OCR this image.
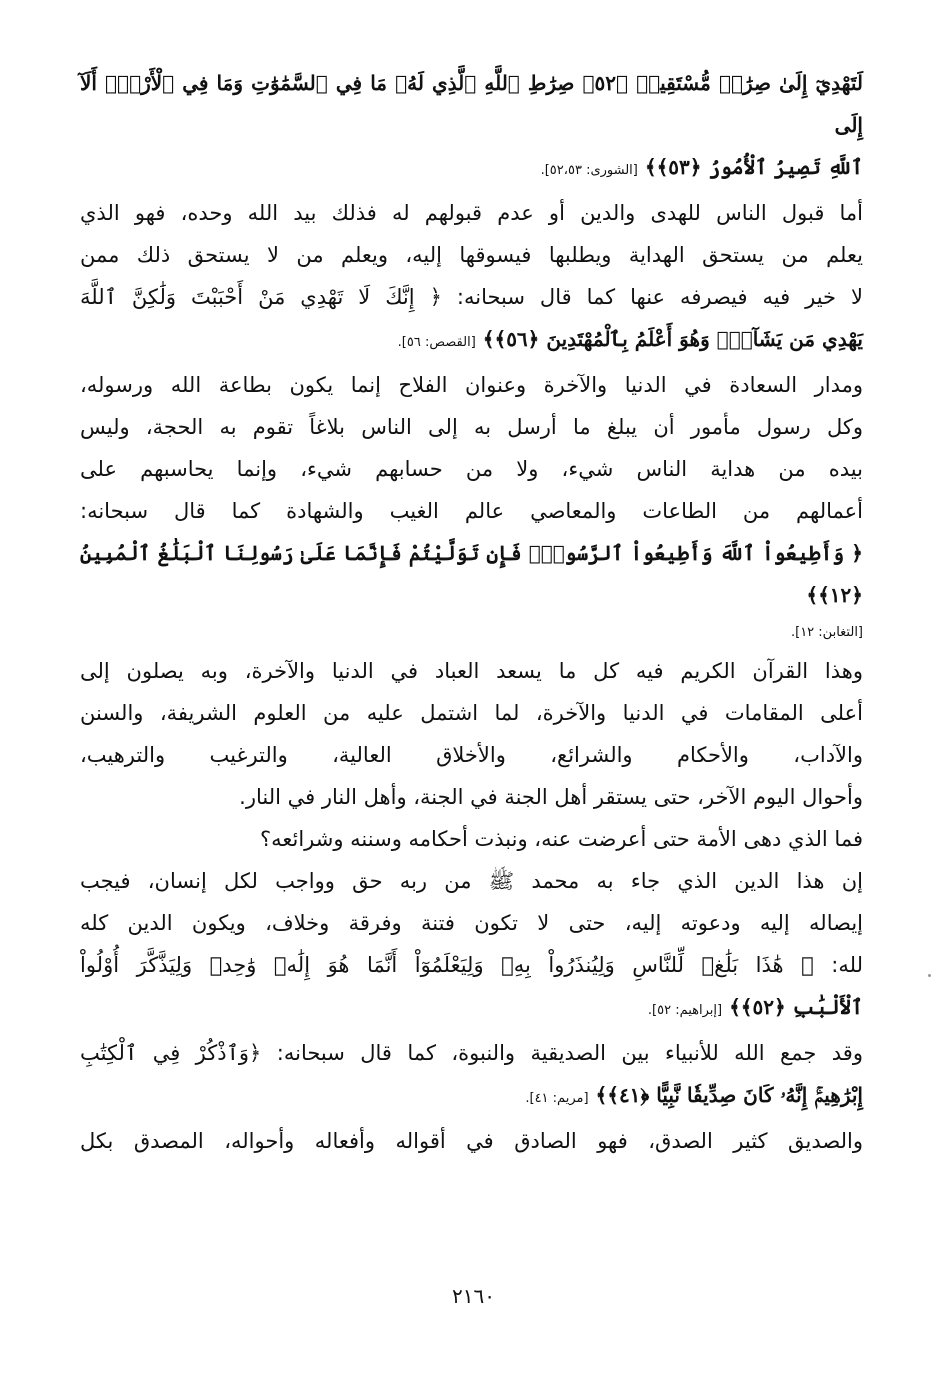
لَتَهْدِيٓ إِلَىٰ صِرَٰطٖ مُّسْتَقِيمٖ ﴿٥٢﴾ صِرَٰطِ ٱللَّهِ ٱلَّذِي لَهُۥ مَا فِي ٱلسَّمَٰوَٰتِ وَمَا فِي ٱلْأَرْضِۗ أَلَآ إِلَى

ٱللَّهِ تَصِيرُ ٱلْأُمُورُ ﴿٥٣﴾﴾ [الشورى: ٥٢،٥٣].

أما قبول الناس للهدى والدين أو عدم قبولهم له فذلك بيد الله وحده، فهو الذي

يعلم من يستحق الهداية ويطلبها فيسوقها إليه، ويعلم من لا يستحق ذلك ممن

لا خير فيه فيصرفه عنها كما قال سبحانه: ﴿ إِنَّكَ لَا تَهْدِي مَنْ أَحْبَبْتَ وَلَٰكِنَّ ٱللَّهَ

يَهْدِي مَن يَشَآءُۚ وَهُوَ أَعْلَمُ بِٱلْمُهْتَدِينَ ﴿٥٦﴾﴾ [القصص: ٥٦].

ومدار السعادة في الدنيا والآخرة وعنوان الفلاح إنما يكون بطاعة الله ورسوله،

وكل رسول مأمور أن يبلغ ما أرسل به إلى الناس بلاغاً تقوم به الحجة، وليس

بيده من هداية الناس شيء، ولا من حسابهم شيء، وإنما يحاسبهم على

أعمالهم من الطاعات والمعاصي عالم الغيب والشهادة كما قال سبحانه:

﴿ وَأَطِيعُواْ ٱللَّهَ وَأَطِيعُواْ ٱلرَّسُولَۚ فَإِن تَوَلَّيْتُمْ فَإِنَّمَا عَلَىٰ رَسُولِنَا ٱلْبَلَٰغُ ٱلْمُبِينُ ﴿١٢﴾﴾

[التغابن: ١٢].

وهذا القرآن الكريم فيه كل ما يسعد العباد في الدنيا والآخرة، وبه يصلون إلى

أعلى المقامات في الدنيا والآخرة، لما اشتمل عليه من العلوم الشريفة، والسنن

والآداب، والأحكام والشرائع، والأخلاق العالية، والترغيب والترهيب،

وأحوال اليوم الآخر، حتى يستقر أهل الجنة في الجنة، وأهل النار في النار.

فما الذي دهى الأمة حتى أعرضت عنه، ونبذت أحكامه وسننه وشرائعه؟

إن هذا الدين الذي جاء به محمد ﷺ من ربه حق وواجب لكل إنسان، فيجب

إيصاله إليه ودعوته إليه، حتى لا تكون فتنة وفرقة وخلاف، ويكون الدين كله

لله: ﴿ هَٰذَا بَلَٰغٞ لِّلنَّاسِ وَلِيُنذَرُواْ بِهِۦ وَلِيَعْلَمُوٓاْ أَنَّمَا هُوَ إِلَٰهٞ وَٰحِدٞ وَلِيَذَّكَّرَ أُوْلُواْ

ٱلْأَلْبَٰبِ ﴿٥٢﴾﴾ [إبراهيم: ٥٢].

وقد جمع الله للأنبياء بين الصديقية والنبوة، كما قال سبحانه: ﴿وَٱذْكُرْ فِي ٱلْكِتَٰبِ

إِبْرَٰهِيمَۚ إِنَّهُۥ كَانَ صِدِّيقٗا نَّبِيًّا ﴿٤١﴾﴾ [مريم: ٤١].

والصديق كثير الصدق، فهو الصادق في أقواله وأفعاله وأحواله، المصدق بكل

٢١٦٠
